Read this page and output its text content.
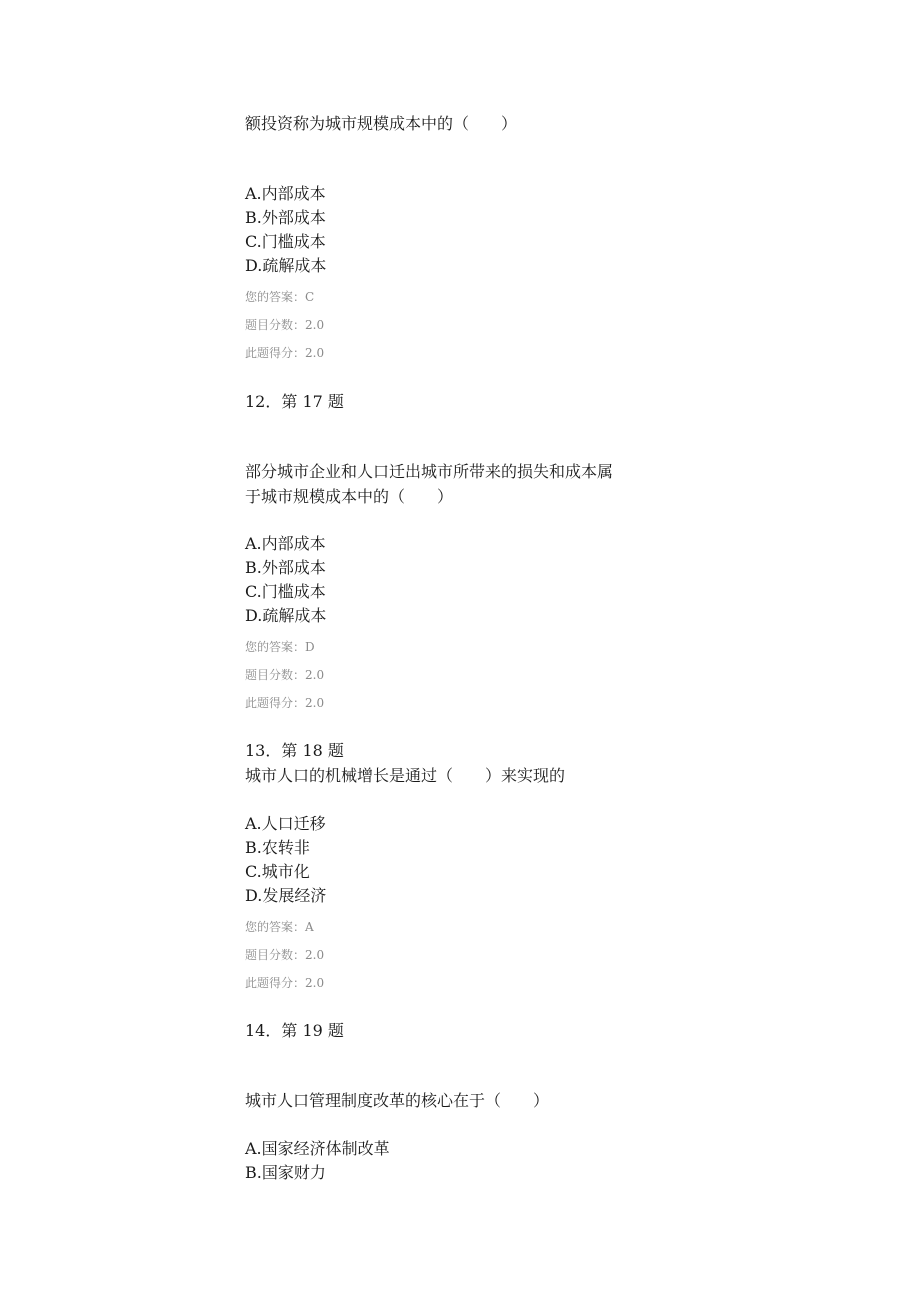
额投资称为城市规模成本中的（　　）
A.内部成本
B.外部成本
C.门槛成本
D.疏解成本
您的答案：C
题目分数：2.0
此题得分：2.0
12．第 17 题
部分城市企业和人口迁出城市所带来的损失和成本属
于城市规模成本中的（　　）
A.内部成本
B.外部成本
C.门槛成本
D.疏解成本
您的答案：D
题目分数：2.0
此题得分：2.0
13．第 18 题
城市人口的机械增长是通过（　　）来实现的
A.人口迁移
B.农转非
C.城市化
D.发展经济
您的答案：A
题目分数：2.0
此题得分：2.0
14．第 19 题
城市人口管理制度改革的核心在于（　　）
A.国家经济体制改革
B.国家财力
